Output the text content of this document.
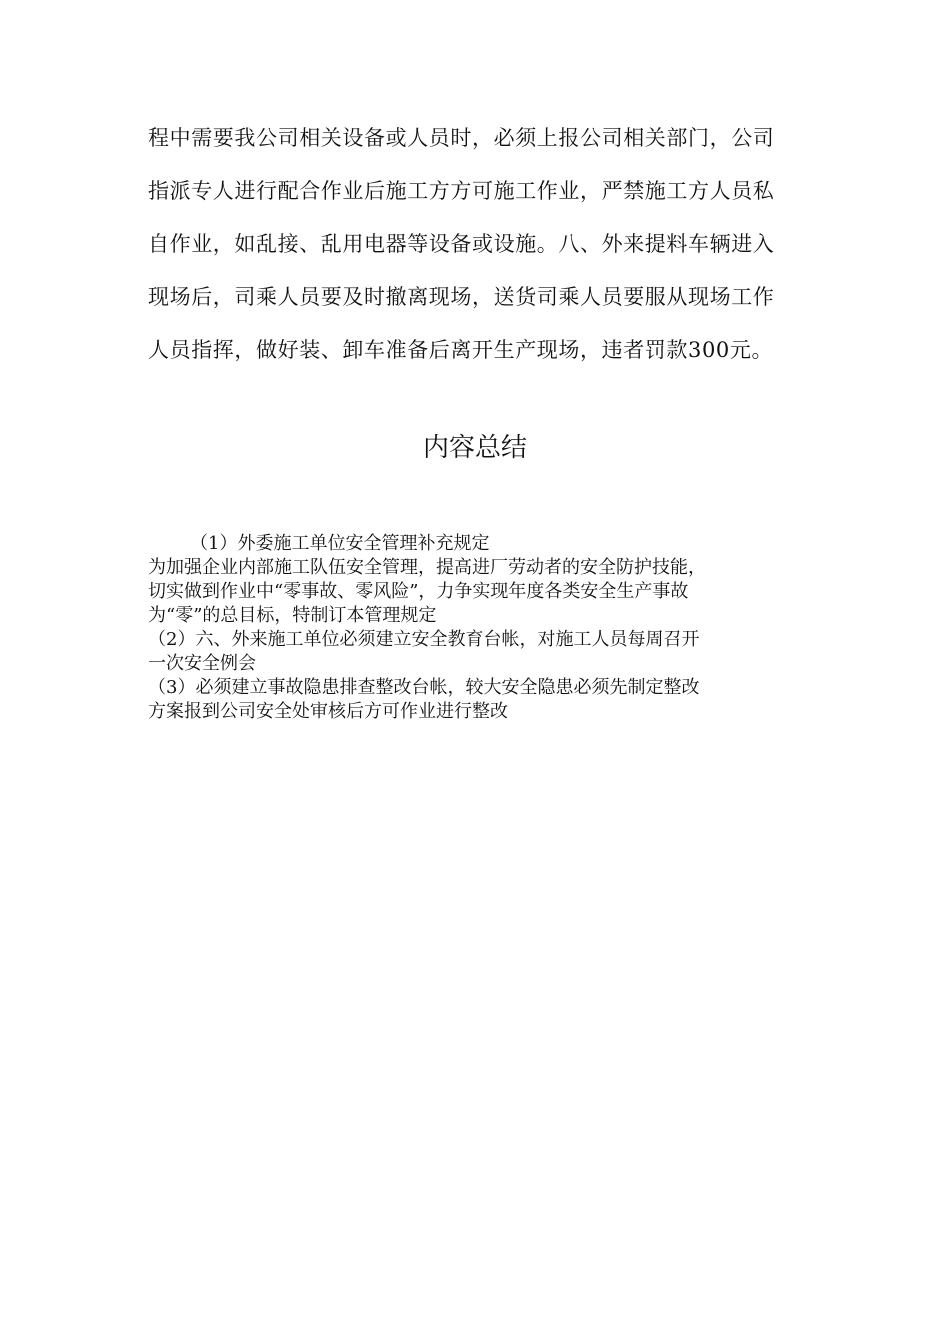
程中需要我公司相关设备或人员时，必须上报公司相关部门，公司
指派专人进行配合作业后施工方方可施工作业，严禁施工方人员私
自作业，如乱接、乱用电器等设备或设施。八、外来提料车辆进入
现场后，司乘人员要及时撤离现场，送货司乘人员要服从现场工作
人员指挥，做好装、卸车准备后离开生产现场，违者罚款300元。
内容总结
（1）外委施工单位安全管理补充规定
为加强企业内部施工队伍安全管理，提高进厂劳动者的安全防护技能，
切实做到作业中“零事故、零风险”，力争实现年度各类安全生产事故
为“零”的总目标，特制订本管理规定
（2）六、外来施工单位必须建立安全教育台帐，对施工人员每周召开
一次安全例会
（3）必须建立事故隐患排查整改台帐，较大安全隐患必须先制定整改
方案报到公司安全处审核后方可作业进行整改
